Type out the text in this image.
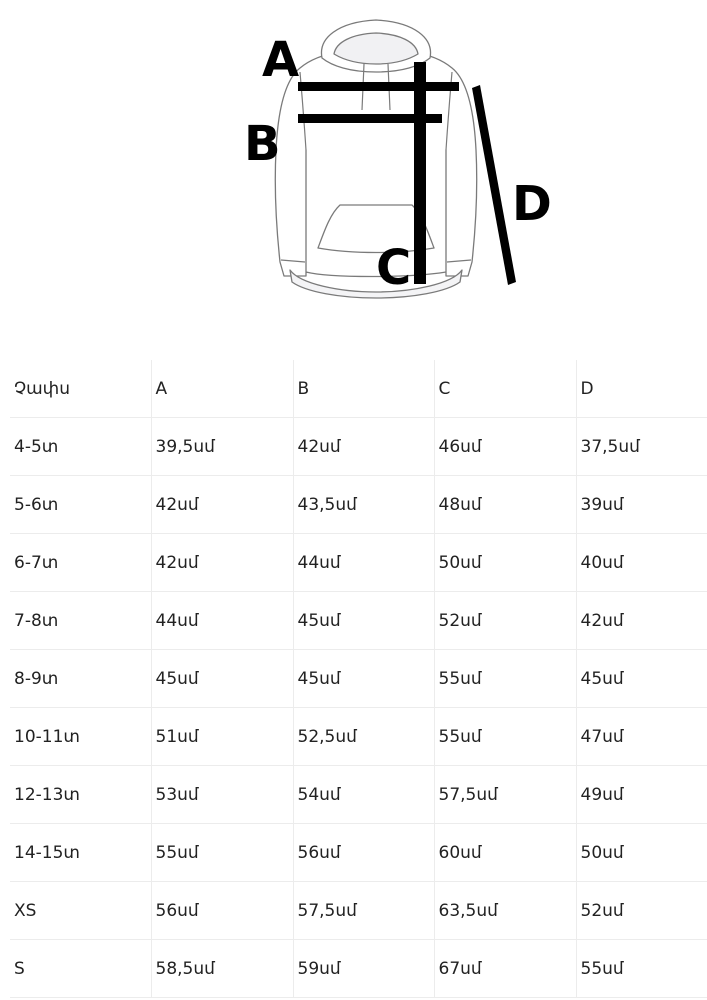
A
B
C
D
Չափս	A	B	C	D
4-5տ	39,5սմ	42սմ	46սմ	37,5սմ
5-6տ	42սմ	43,5սմ	48սմ	39սմ
6-7տ	42սմ	44սմ	50սմ	40սմ
7-8տ	44սմ	45սմ	52սմ	42սմ
8-9տ	45սմ	45սմ	55սմ	45սմ
10-11տ	51սմ	52,5սմ	55սմ	47սմ
12-13տ	53սմ	54սմ	57,5սմ	49սմ
14-15տ	55սմ	56սմ	60սմ	50սմ
XS	56սմ	57,5սմ	63,5սմ	52սմ
S	58,5սմ	59սմ	67սմ	55սմ
